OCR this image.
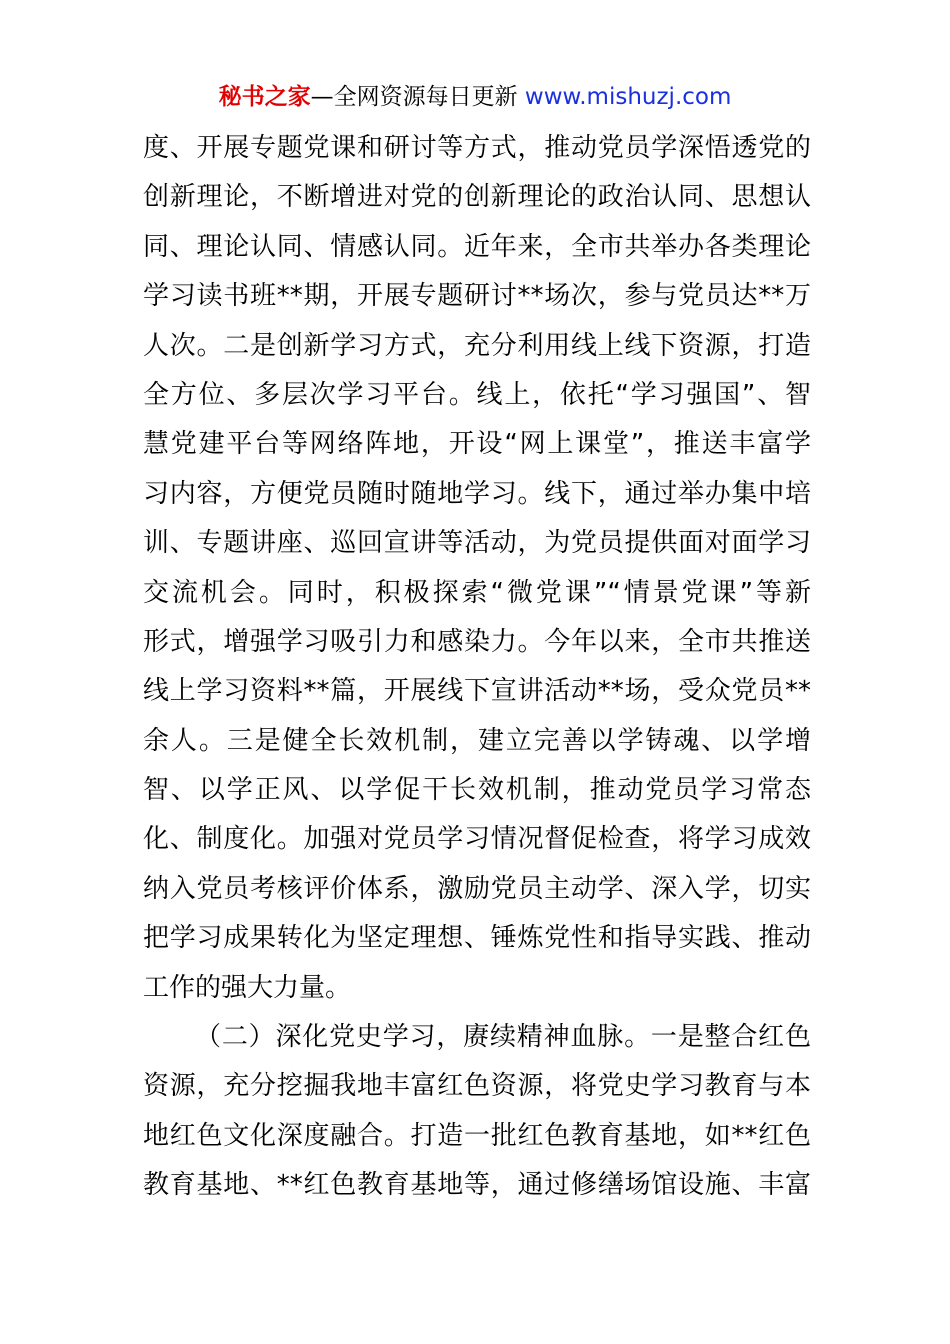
秘书之家—全网资源每日更新 www.mishuzj.com
度、开展专题党课和研讨等方式，推动党员学深悟透党的
创新理论，不断增进对党的创新理论的政治认同、思想认
同、理论认同、情感认同。近年来，全市共举办各类理论
学习读书班**期，开展专题研讨**场次，参与党员达**万
人次。二是创新学习方式，充分利用线上线下资源，打造
全方位、多层次学习平台。线上，依托“学习强国”、智
慧党建平台等网络阵地，开设“网上课堂”，推送丰富学
习内容，方便党员随时随地学习。线下，通过举办集中培
训、专题讲座、巡回宣讲等活动，为党员提供面对面学习
交流机会。同时，积极探索“微党课”“情景党课”等新
形式，增强学习吸引力和感染力。今年以来，全市共推送
线上学习资料**篇，开展线下宣讲活动**场，受众党员**
余人。三是健全长效机制，建立完善以学铸魂、以学增
智、以学正风、以学促干长效机制，推动党员学习常态
化、制度化。加强对党员学习情况督促检查，将学习成效
纳入党员考核评价体系，激励党员主动学、深入学，切实
把学习成果转化为坚定理想、锤炼党性和指导实践、推动
工作的强大力量。
（二）深化党史学习，赓续精神血脉。一是整合红色
资源，充分挖掘我地丰富红色资源，将党史学习教育与本
地红色文化深度融合。打造一批红色教育基地，如**红色
教育基地、**红色教育基地等，通过修缮场馆设施、丰富
